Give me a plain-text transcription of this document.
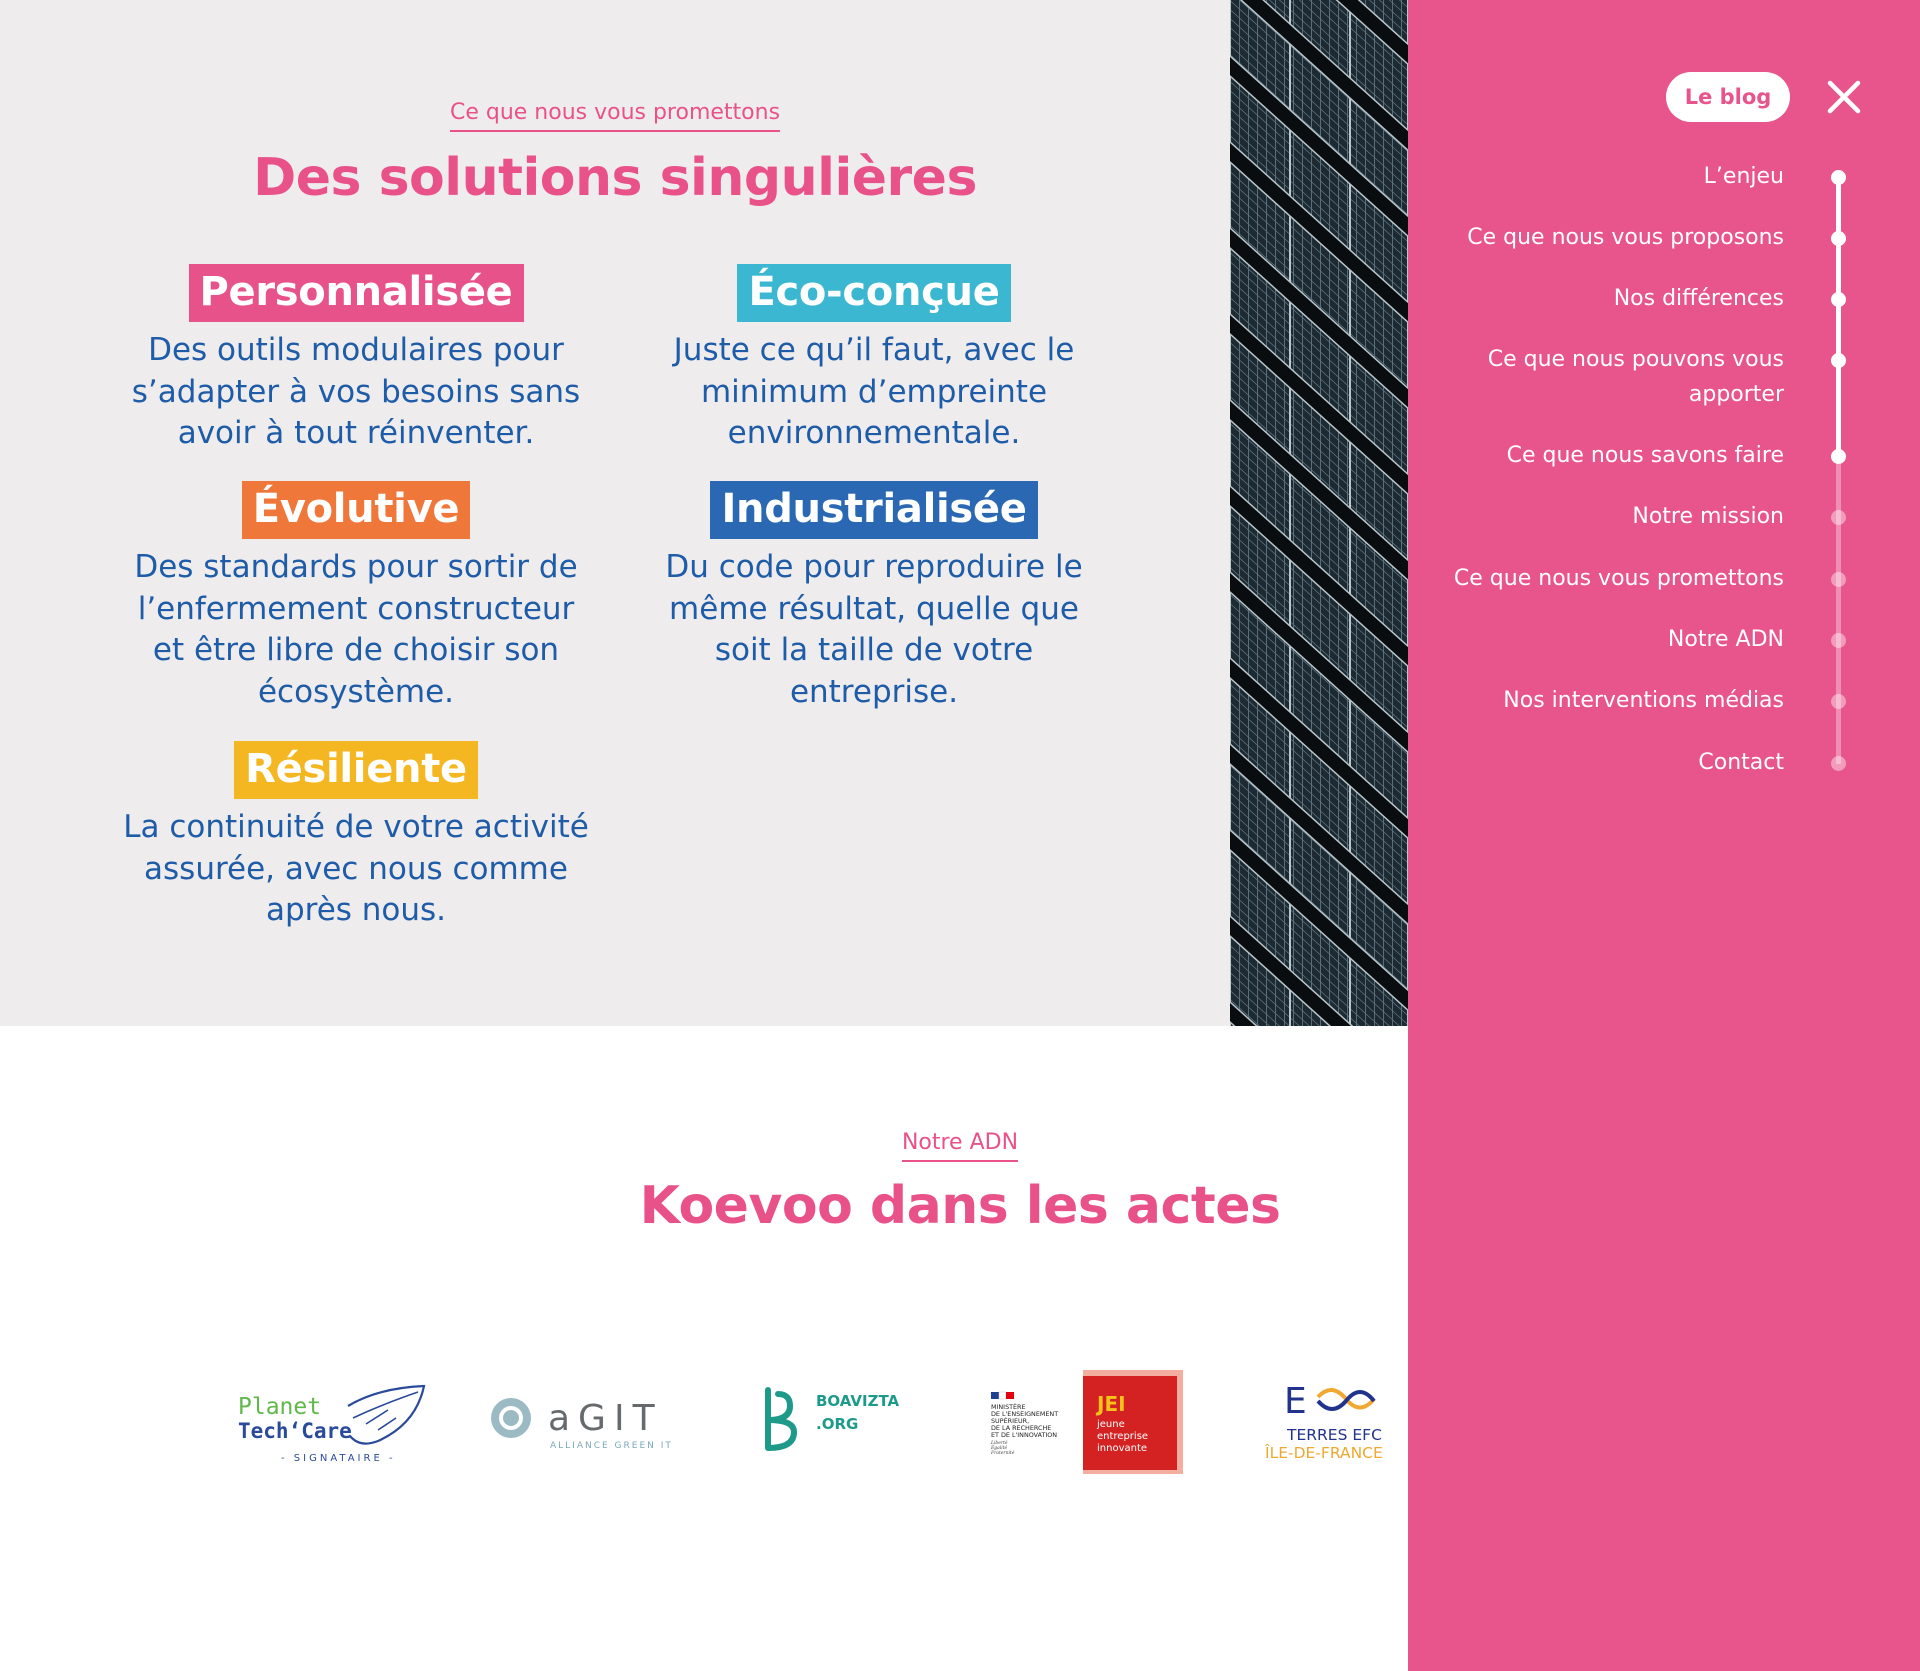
Ce que nous vous promettons
Des solutions singulières
Personnalisée

Des outils modulaires pour s’adapter à vos besoins sans avoir à tout réinventer.

Éco-conçue

Juste ce qu’il faut, avec le minimum d’empreinte environnementale.

Évolutive

Des standards pour sortir de l’enfermement constructeur et être libre de choisir son écosystème.

Industrialisée

Du code pour reproduire le même résultat, quelle que soit la taille de votre entreprise.

Résiliente

La continuité de votre activité assurée, avec nous comme après nous.

Notre ADN
Koevoo dans les actes
Planet
Tech‘Care
- SIGNATAIRE -
aGIT
ALLIANCE GREEN IT
BOAVIZTA
.ORG
MINISTÈRE
DE L'ENSEIGNEMENT
SUPÉRIEUR,
DE LA RECHERCHE
ET DE L'INNOVATION
Liberté
Égalité
Fraternité
JEI
jeune
entreprise
innovante
E
TERRES EFC
ÎLE-DE-FRANCE
Le blog
L’enjeu
Ce que nous vous proposons
Nos différences
Ce que nous pouvons vous apporter
Ce que nous savons faire
Notre mission
Ce que nous vous promettons
Notre ADN
Nos interventions médias
Contact
